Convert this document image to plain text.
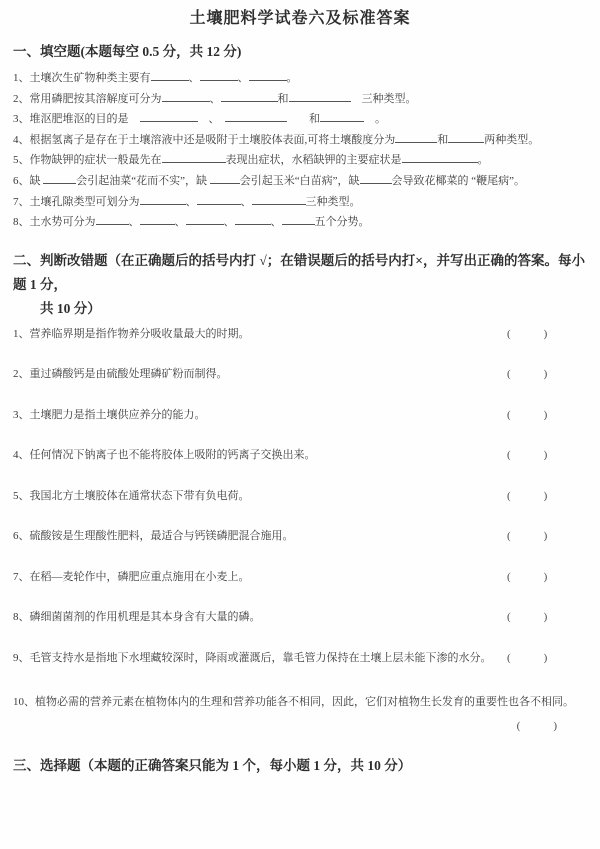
土壤肥料学试卷六及标准答案
一、填空题(本题每空 0.5 分，共 12 分)
1、土壤次生矿物种类主要有	、	、	。
2、常用磷肥按其溶解度可分为	、	和	　三种类型。
3、堆沤肥堆沤的目的是　	　、　	　　和	　。
4、根据氢离子是存在于土壤溶液中还是吸附于土壤胶体表面,可将土壤酸度分为	和	两种类型。
5、作物缺钾的症状一般最先在	表现出症状，水稻缺钾的主要症状是	。
6、缺	会引起油菜“花而不实”，缺	会引起玉米“白苗病”，缺	会导致花椰菜的 “鞭尾病”。
7、土壤孔隙类型可划分为	、	、	三种类型。
8、土水势可分为	、	、	、	、	五个分势。
二、判断改错题（在正确题后的括号内打 √；在错误题后的括号内打×，并写出正确的答案。每小题 1 分，
共 10 分）
1、营养临界期是指作物养分吸收量最大的时期。	(	)
2、重过磷酸钙是由硫酸处理磷矿粉而制得。	(	)
3、土壤肥力是指土壤供应养分的能力。	(	)
4、任何情况下钠离子也不能将胶体上吸附的钙离子交换出来。	(	)
5、我国北方土壤胶体在通常状态下带有负电荷。	(	)
6、硫酸铵是生理酸性肥料，最适合与钙镁磷肥混合施用。	(	)
7、在稻—麦轮作中，磷肥应重点施用在小麦上。	(	)
8、磷细菌菌剂的作用机理是其本身含有大量的磷。	(	)
9、毛管支持水是指地下水埋藏较深时，降雨或灌溉后，靠毛管力保持在土壤上层未能下渗的水分。 (	)
10、植物必需的营养元素在植物体内的生理和营养功能各不相同，因此，它们对植物生长发育的重要性也各不相同。
(	)
三、选择题（本题的正确答案只能为 1 个，每小题 1 分，共 10 分）
